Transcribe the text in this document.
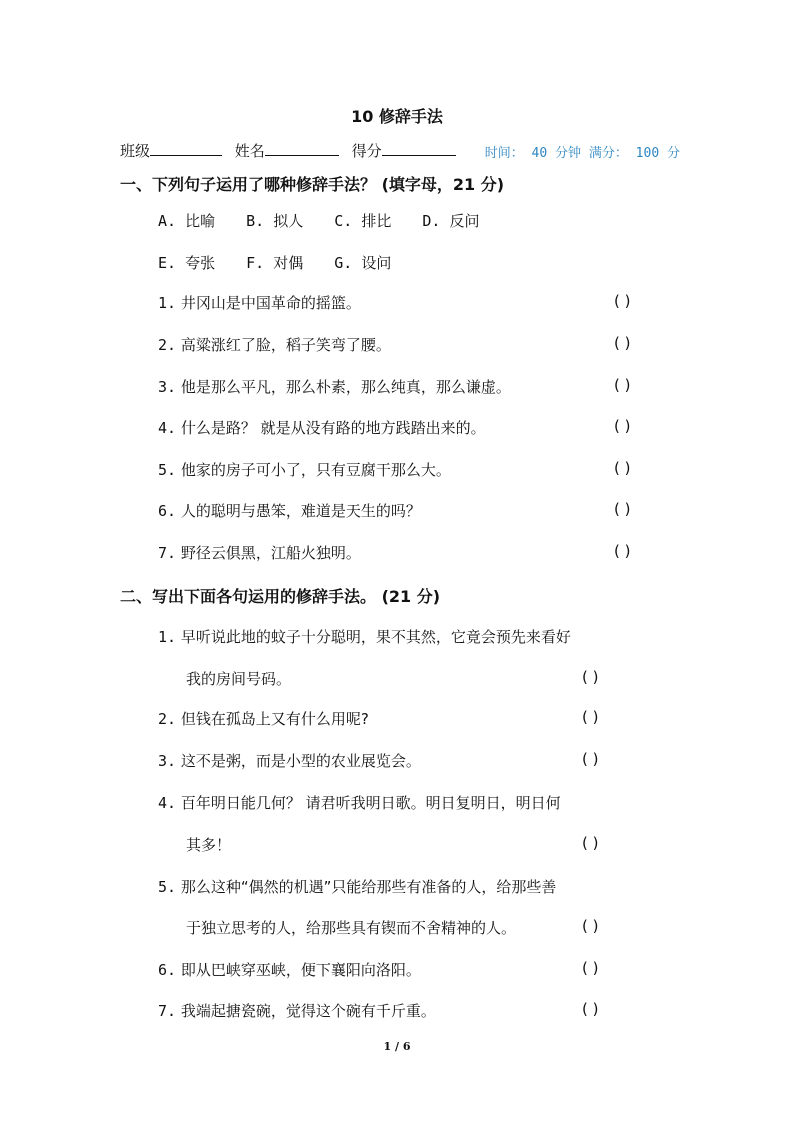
10 修辞手法
班级	姓名	得分	时间： 40 分钟 满分： 100 分
一、下列句子运用了哪种修辞手法？ (填字母，21 分)
A. 比喻 B. 拟人 C. 排比 D. 反问
E. 夸张 F. 对偶 G. 设问
1. 井冈山是中国革命的摇篮。	( )
2. 高粱涨红了脸，稻子笑弯了腰。	( )
3. 他是那么平凡，那么朴素，那么纯真，那么谦虚。	( )
4. 什么是路？ 就是从没有路的地方践踏出来的。	( )
5. 他家的房子可小了，只有豆腐干那么大。	( )
6. 人的聪明与愚笨，难道是天生的吗？	( )
7. 野径云俱黑，江船火独明。	( )
二、写出下面各句运用的修辞手法。 (21 分)
1. 早听说此地的蚊子十分聪明，果不其然，它竟会预先来看好
我的房间号码。	( )
2. 但钱在孤岛上又有什么用呢?	( )
3. 这不是粥，而是小型的农业展览会。	( )
4. 百年明日能几何？ 请君听我明日歌。明日复明日，明日何
其多！	( )
5. 那么这种“偶然的机遇”只能给那些有准备的人，给那些善
于独立思考的人，给那些具有锲而不舍精神的人。	( )
6. 即从巴峡穿巫峡，便下襄阳向洛阳。	( )
7. 我端起搪瓷碗，觉得这个碗有千斤重。	( )
1 / 6
